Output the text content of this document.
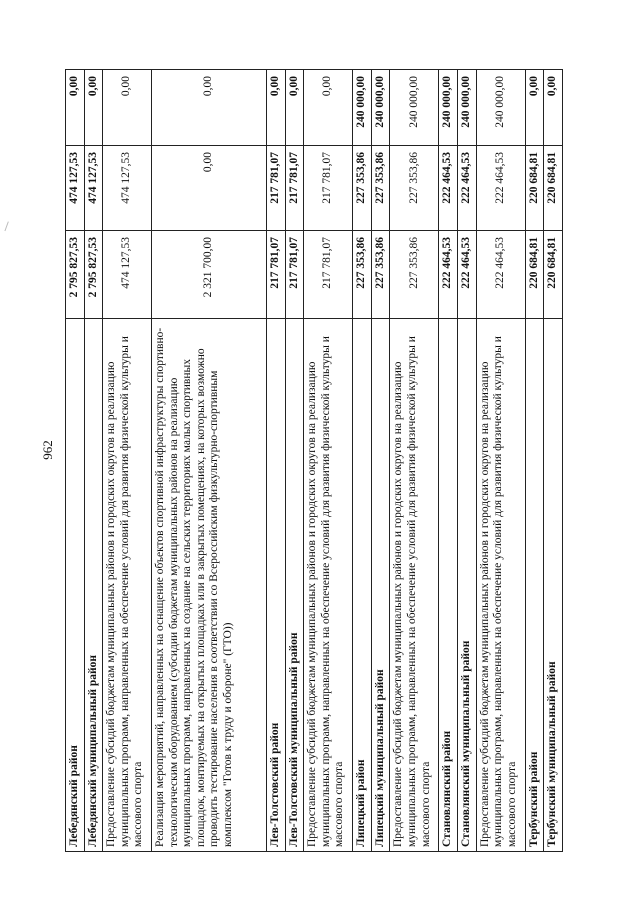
962
Лебедянский район	2 795 827,53	474 127,53	0,00
Лебедянский муниципальный район	2 795 827,53	474 127,53	0,00
Предоставление субсидий бюджетам муниципальных районов и городских округов на реализацию муниципальных программ, направленных на обеспечение условий для развития физической культуры и массового спорта	474 127,53	474 127,53	0,00
Реализация мероприятий, направленных на оснащение объектов спортивной инфраструктуры спортивно-технологическим оборудованием (субсидии бюджетам муниципальных районов на реализацию муниципальных программ, направленных на создание на сельских территориях малых спортивных площадок, монтируемых на открытых площадках или в закрытых помещениях, на которых возможно проводить тестирование населения в соответствии со Всероссийским физкультурно-спортивным комплексом "Готов к труду и обороне" (ГТО))	2 321 700,00	0,00	0,00
Лев-Толстовский район	217 781,07	217 781,07	0,00
Лев-Толстовский муниципальный район	217 781,07	217 781,07	0,00
Предоставление субсидий бюджетам муниципальных районов и городских округов на реализацию муниципальных программ, направленных на обеспечение условий для развития физической культуры и массового спорта	217 781,07	217 781,07	0,00
Липецкий район	227 353,86	227 353,86	240 000,00
Липецкий муниципальный район	227 353,86	227 353,86	240 000,00
Предоставление субсидий бюджетам муниципальных районов и городских округов на реализацию муниципальных программ, направленных на обеспечение условий для развития физической культуры и массового спорта	227 353,86	227 353,86	240 000,00
Становлянский район	222 464,53	222 464,53	240 000,00
Становлянский муниципальный район	222 464,53	222 464,53	240 000,00
Предоставление субсидий бюджетам муниципальных районов и городских округов на реализацию муниципальных программ, направленных на обеспечение условий для развития физической культуры и массового спорта	222 464,53	222 464,53	240 000,00
Тербунский район	220 684,81	220 684,81	0,00
Тербунский муниципальный район	220 684,81	220 684,81	0,00
